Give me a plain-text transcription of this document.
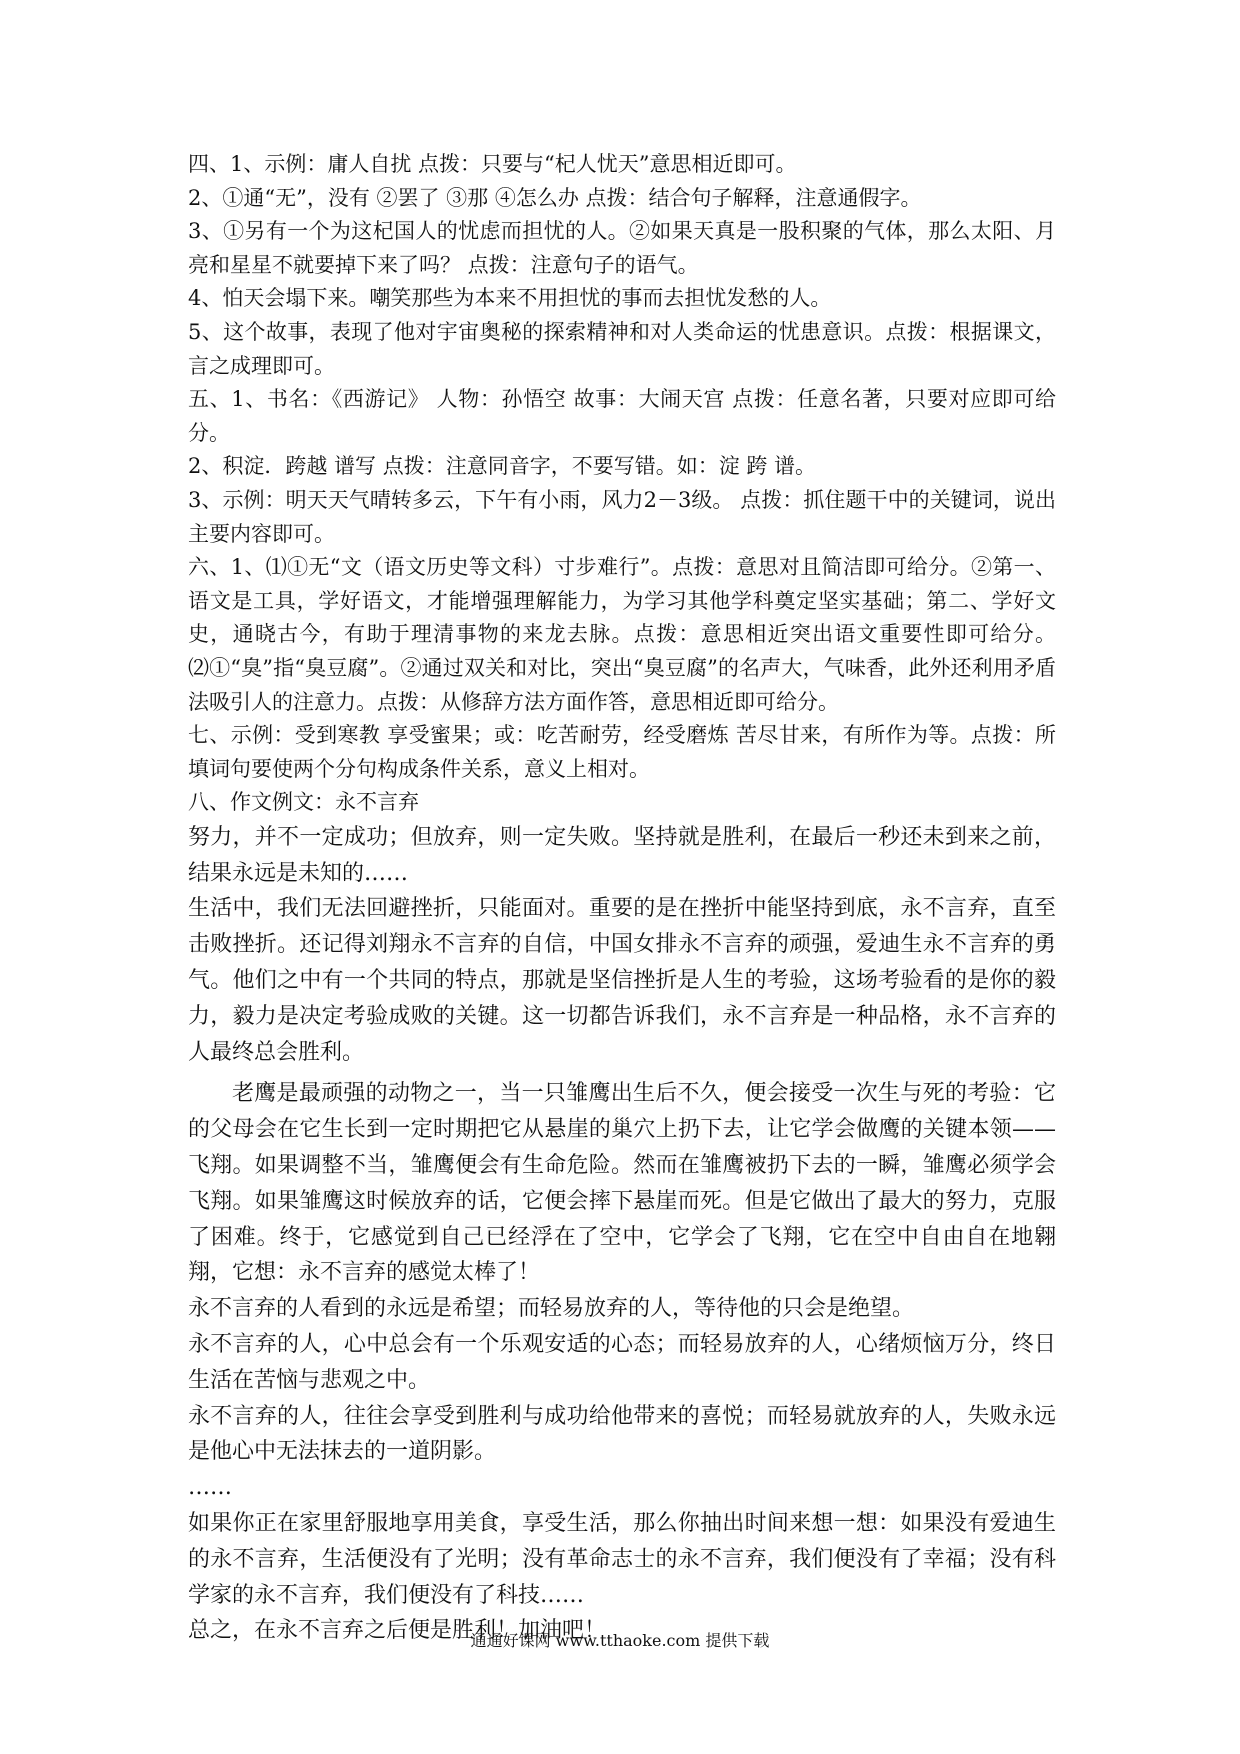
四、1、示例：庸人自扰 点拨：只要与“杞人忧天”意思相近即可。

2、①通“无”，没有 ②罢了 ③那 ④怎么办 点拨：结合句子解释，注意通假字。

3、①另有一个为这杞国人的忧虑而担忧的人。②如果天真是一股积聚的气体，那么太阳、月亮和星星不就要掉下来了吗？ 点拨：注意句子的语气。

4、怕天会塌下来。嘲笑那些为本来不用担忧的事而去担忧发愁的人。

5、这个故事，表现了他对宇宙奥秘的探索精神和对人类命运的忧患意识。点拨：根据课文，言之成理即可。

五、1、书名：《西游记》 人物：孙悟空 故事：大闹天宫 点拨：任意名著，只要对应即可给分。

2、积淀．跨越 谱写 点拨：注意同音字，不要写错。如：淀 跨 谱。

3、示例：明天天气晴转多云，下午有小雨，风力2－3级。 点拨：抓住题干中的关键词，说出主要内容即可。

六、1、⑴①无“文（语文历史等文科）寸步难行”。点拨：意思对且简洁即可给分。②第一、语文是工具，学好语文，才能增强理解能力，为学习其他学科奠定坚实基础；第二、学好文史，通晓古今，有助于理清事物的来龙去脉。点拨：意思相近突出语文重要性即可给分。⑵①“臭”指“臭豆腐”。②通过双关和对比，突出“臭豆腐”的名声大，气味香，此外还利用矛盾法吸引人的注意力。点拨：从修辞方法方面作答，意思相近即可给分。

七、示例：受到寒教 享受蜜果；或：吃苦耐劳，经受磨炼 苦尽甘来，有所作为等。点拨：所填词句要使两个分句构成条件关系，意义上相对。

八、作文例文：永不言弃

努力，并不一定成功；但放弃，则一定失败。坚持就是胜利，在最后一秒还未到来之前，结果永远是未知的……

生活中，我们无法回避挫折，只能面对。重要的是在挫折中能坚持到底，永不言弃，直至击败挫折。还记得刘翔永不言弃的自信，中国女排永不言弃的顽强，爱迪生永不言弃的勇气。他们之中有一个共同的特点，那就是坚信挫折是人生的考验，这场考验看的是你的毅力，毅力是决定考验成败的关键。这一切都告诉我们，永不言弃是一种品格，永不言弃的人最终总会胜利。

老鹰是最顽强的动物之一，当一只雏鹰出生后不久，便会接受一次生与死的考验：它的父母会在它生长到一定时期把它从悬崖的巢穴上扔下去，让它学会做鹰的关键本领——飞翔。如果调整不当，雏鹰便会有生命危险。然而在雏鹰被扔下去的一瞬，雏鹰必须学会飞翔。如果雏鹰这时候放弃的话，它便会摔下悬崖而死。但是它做出了最大的努力，克服了困难。终于，它感觉到自己已经浮在了空中，它学会了飞翔，它在空中自由自在地翱翔，它想：永不言弃的感觉太棒了！

永不言弃的人看到的永远是希望；而轻易放弃的人，等待他的只会是绝望。

永不言弃的人，心中总会有一个乐观安适的心态；而轻易放弃的人，心绪烦恼万分，终日生活在苦恼与悲观之中。

永不言弃的人，往往会享受到胜利与成功给他带来的喜悦；而轻易就放弃的人，失败永远是他心中无法抹去的一道阴影。

……

如果你正在家里舒服地享用美食，享受生活，那么你抽出时间来想一想：如果没有爱迪生的永不言弃，生活便没有了光明；没有革命志士的永不言弃，我们便没有了幸福；没有科学家的永不言弃，我们便没有了科技……

总之，在永不言弃之后便是胜利！加油吧！

通通好课网 www.tthaoke.com 提供下载
